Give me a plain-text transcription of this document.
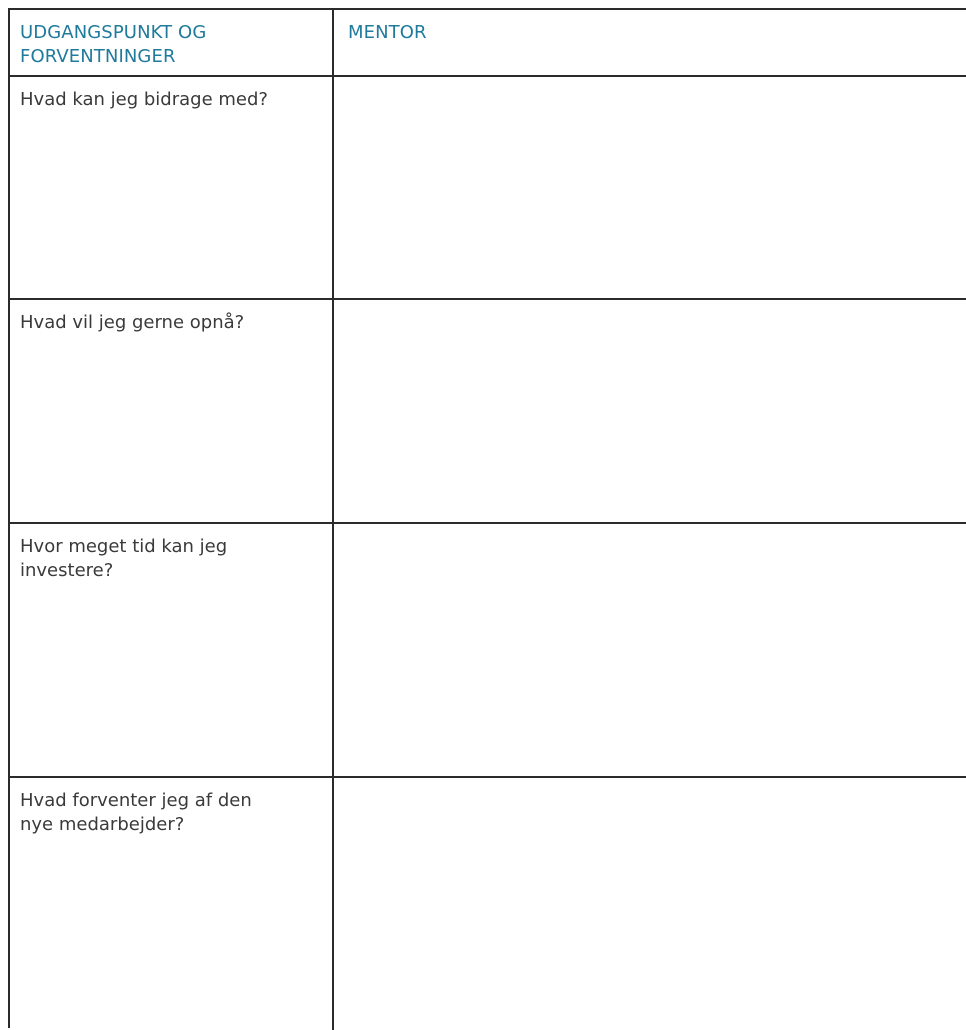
UDGANGSPUNKT OG
FORVENTNINGER

MENTOR

Hvad kan jeg bidrage med?

Hvad vil jeg gerne opnå?

Hvor meget tid kan jeg
investere?

Hvad forventer jeg af den
nye medarbejder?
